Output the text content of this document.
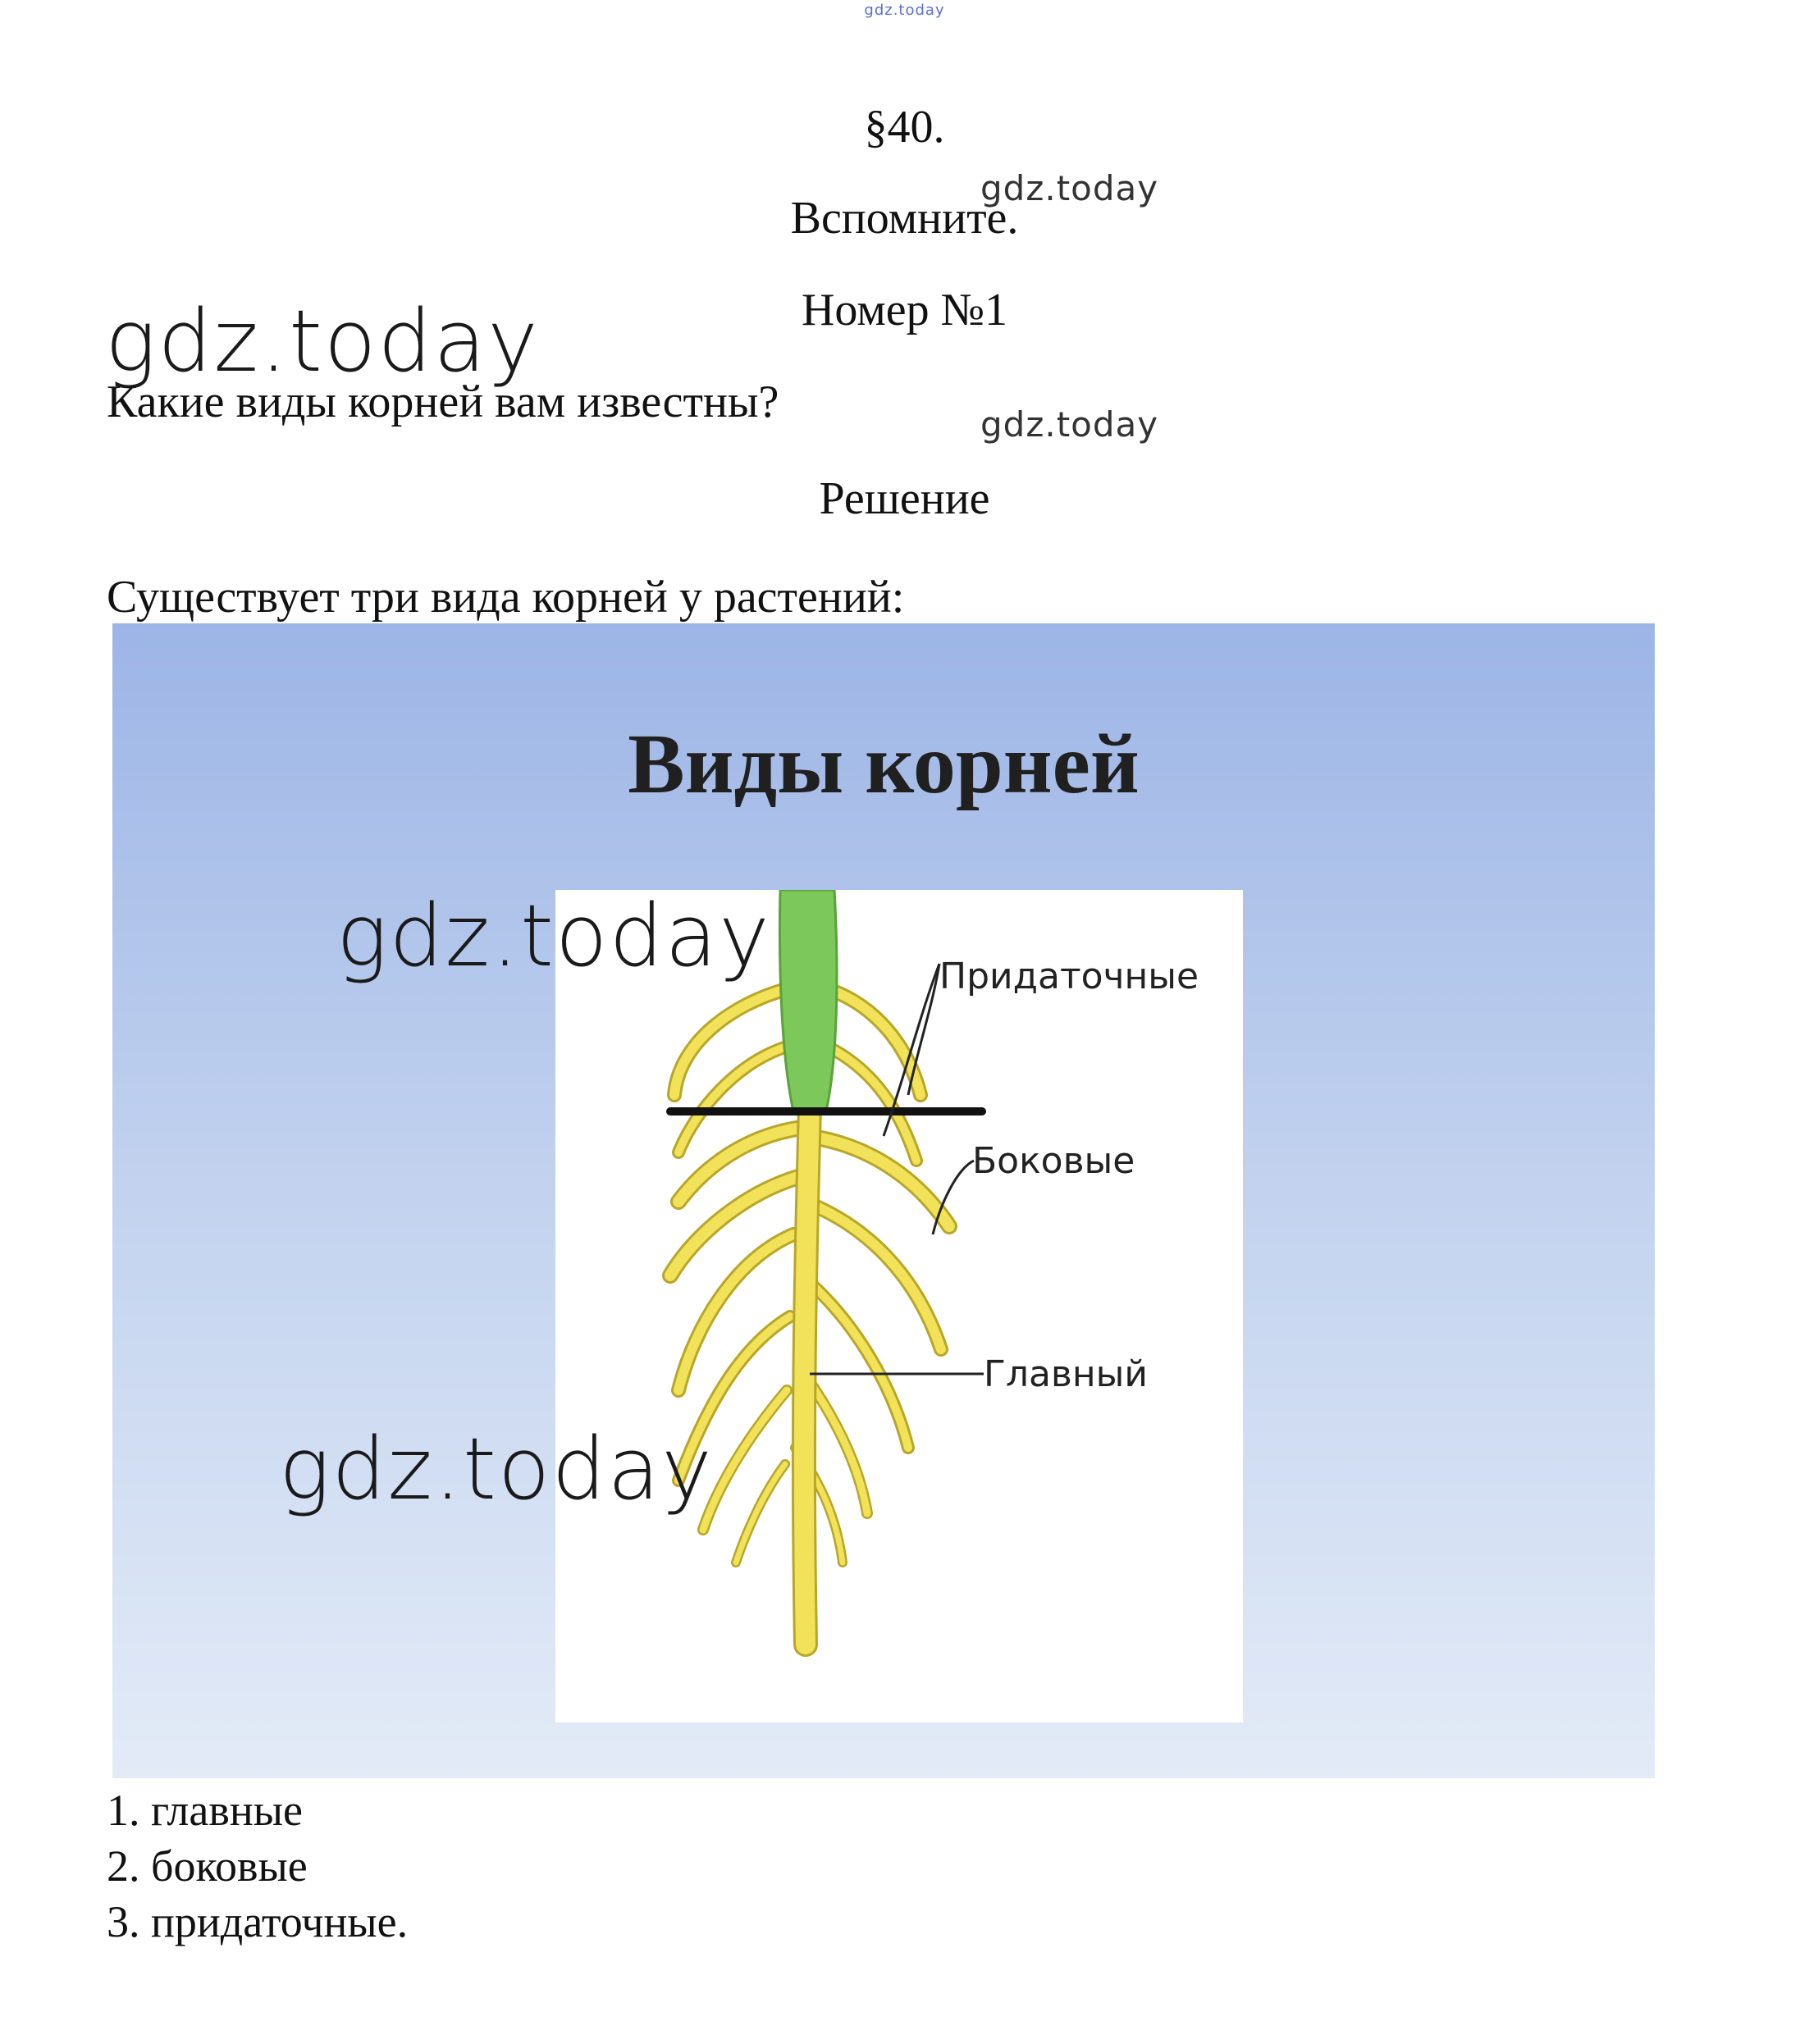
gdz.today
gdz.today
gdz.today
gdz.today
§40.
Вспомните.
Номер №1
Какие виды корней вам известны?
Решение
Существует три вида корней у растений:
Виды корней
Придаточные
Боковые
Главный
gdz.today
gdz.today
1. главные
2. боковые
3. придаточные.
